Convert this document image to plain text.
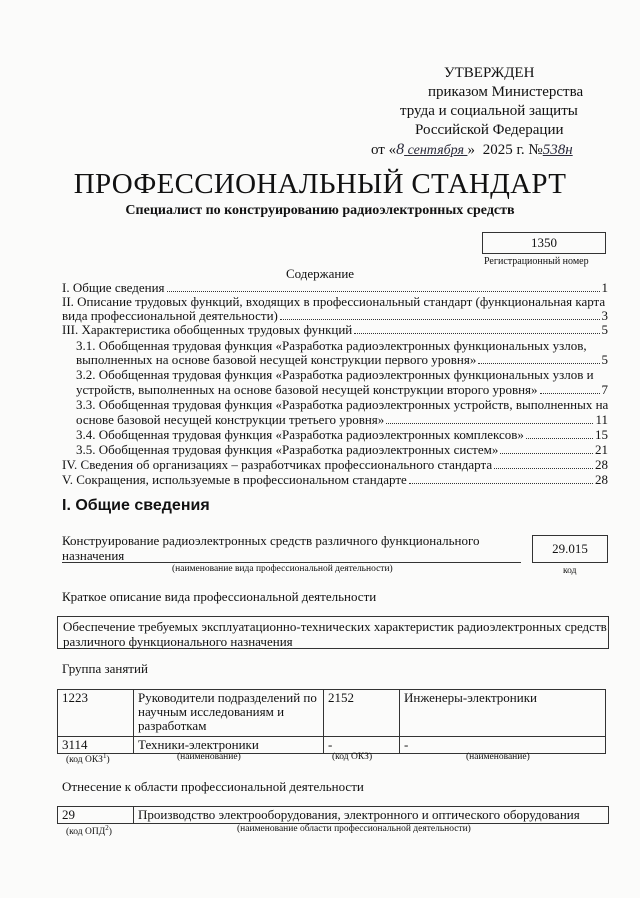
УТВЕРЖДЕН
приказом Министерства
труда и социальной защиты
Российской Федерации
от «8 сентября » 2025 г. №538н
ПРОФЕССИОНАЛЬНЫЙ СТАНДАРТ
Специалист по конструированию радиоэлектронных средств
1350
Регистрационный номер
Содержание
I. Общие сведения	1
II. Описание трудовых функций, входящих в профессиональный стандарт (функциональная карта
вида профессиональной деятельности)	3
III. Характеристика обобщенных трудовых функций	5
3.1. Обобщенная трудовая функция «Разработка радиоэлектронных функциональных узлов,
выполненных на основе базовой несущей конструкции первого уровня»	5
3.2. Обобщенная трудовая функция «Разработка радиоэлектронных функциональных узлов и
устройств, выполненных на основе базовой несущей конструкции второго уровня»	7
3.3. Обобщенная трудовая функция «Разработка радиоэлектронных устройств, выполненных на
основе базовой несущей конструкции третьего уровня»	11
3.4. Обобщенная трудовая функция «Разработка радиоэлектронных комплексов»	15
3.5. Обобщенная трудовая функция «Разработка радиоэлектронных систем»	21
IV. Сведения об организациях – разработчиках профессионального стандарта	28
V. Сокращения, используемые в профессиональном стандарте	28
I. Общие сведения
Конструирование радиоэлектронных средств различного функционального
назначения
(наименование вида профессиональной деятельности)
29.015
код
Краткое описание вида профессиональной деятельности
Обеспечение требуемых эксплуатационно-технических характеристик радиоэлектронных средств
различного функционального назначения
Группа занятий
1223	Руководители подразделений по научным исследованиям и разработкам	2152	Инженеры-электроники
3114	Техники-электроники	-	-
(код ОКЗ$^1$)	(наименование)	(код ОКЗ)	(наименование)
Отнесение к области профессиональной деятельности
29	Производство электрооборудования, электронного и оптического оборудования
(код ОПД$^2$)	(наименование области профессиональной деятельности)
